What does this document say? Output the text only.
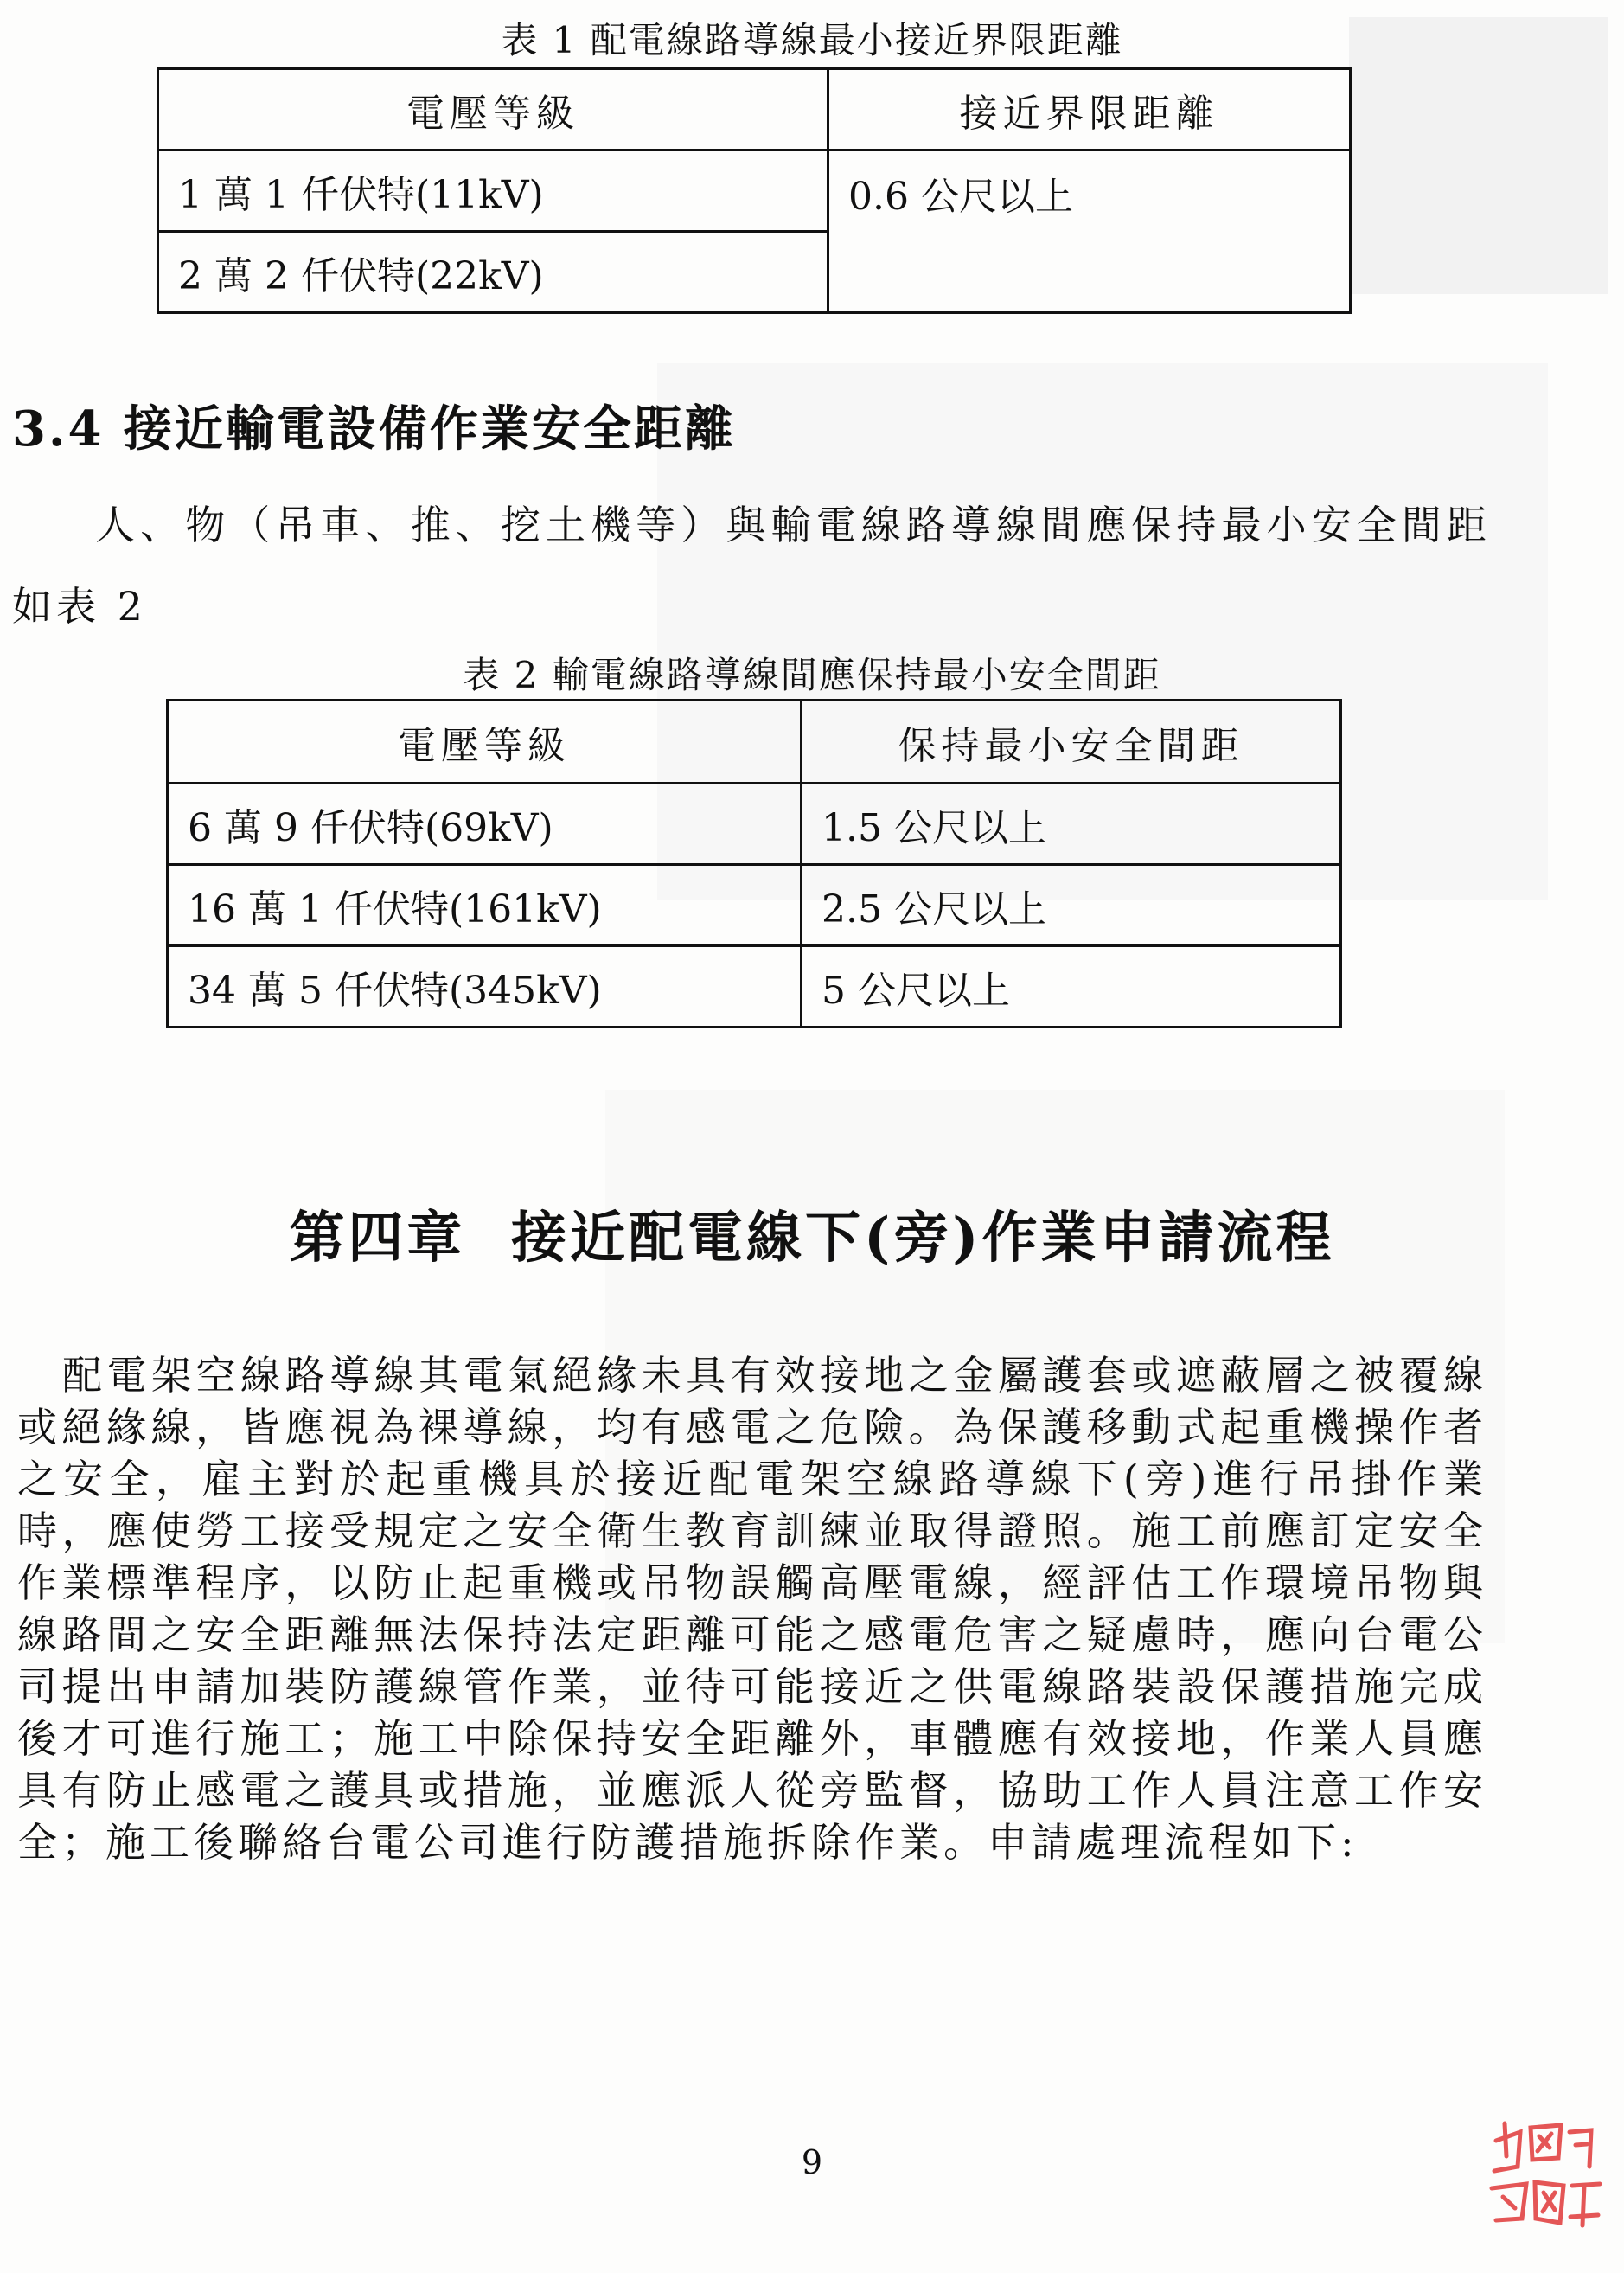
表 1 配電線路導線最小接近界限距離
電壓等級	接近界限距離
1 萬 1 仟伏特(11kV)	0.6 公尺以上
2 萬 2 仟伏特(22kV)	
3.4 接近輸電設備作業安全距離

人、物（吊車、推、挖土機等）與輸電線路導線間應保持最小安全間距如表 2

表 2 輸電線路導線間應保持最小安全間距
電壓等級	保持最小安全間距
6 萬 9 仟伏特(69kV)	1.5 公尺以上
16 萬 1 仟伏特(161kV)	2.5 公尺以上
34 萬 5 仟伏特(345kV)	5 公尺以上
第四章  接近配電線下(旁)作業申請流程

配電架空線路導線其電氣絕緣未具有效接地之金屬護套或遮蔽層之被覆線或絕緣線，皆應視為裸導線，均有感電之危險。為保護移動式起重機操作者之安全，雇主對於起重機具於接近配電架空線路導線下(旁)進行吊掛作業時，應使勞工接受規定之安全衛生教育訓練並取得證照。施工前應訂定安全作業標準程序，以防止起重機或吊物誤觸高壓電線，經評估工作環境吊物與線路間之安全距離無法保持法定距離可能之感電危害之疑慮時，應向台電公司提出申請加裝防護線管作業，並待可能接近之供電線路裝設保護措施完成後才可進行施工；施工中除保持安全距離外，車體應有效接地，作業人員應具有防止感電之護具或措施，並應派人從旁監督，協助工作人員注意工作安全；施工後聯絡台電公司進行防護措施拆除作業。申請處理流程如下:

9
